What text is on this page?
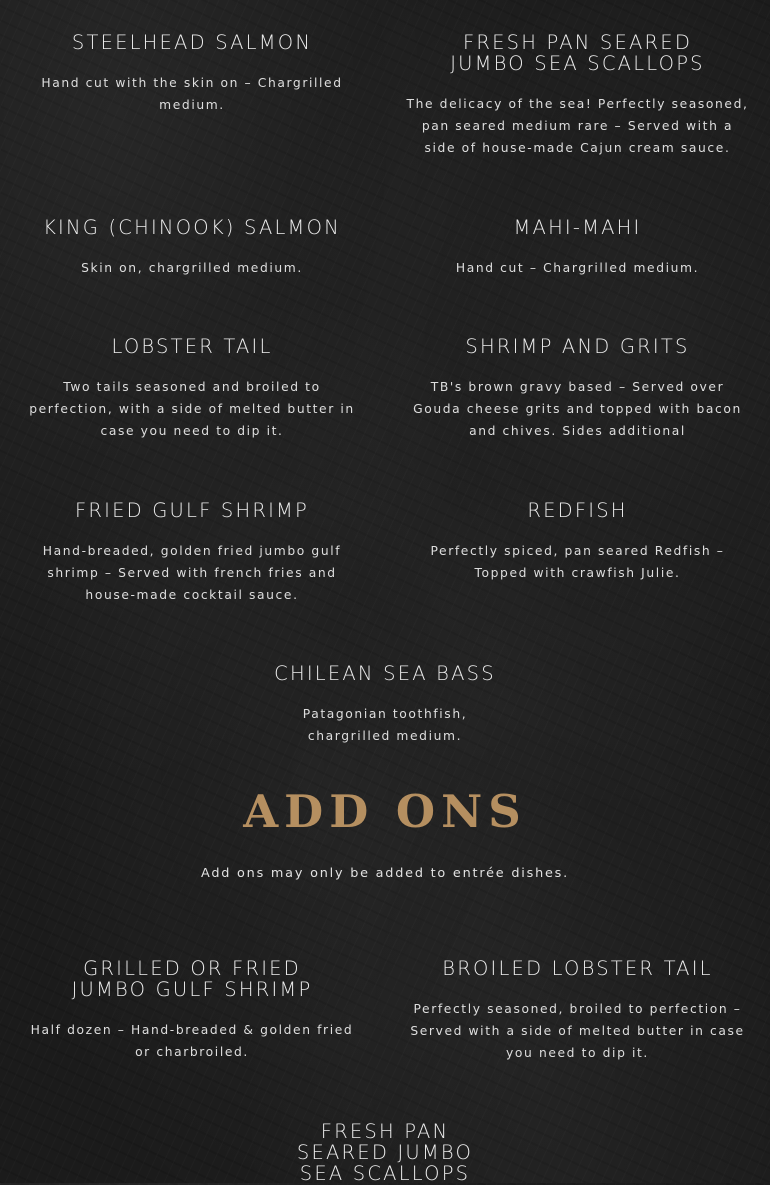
STEELHEAD SALMON

Hand cut with the skin on – Chargrilled medium.

FRESH PAN SEARED JUMBO SEA SCALLOPS

The delicacy of the sea! Perfectly seasoned, pan seared medium rare – Served with a side of house-made Cajun cream sauce.

KING (CHINOOK) SALMON

Skin on, chargrilled medium.

MAHI-MAHI

Hand cut – Chargrilled medium.

LOBSTER TAIL

Two tails seasoned and broiled to perfection, with a side of melted butter in case you need to dip it.

SHRIMP AND GRITS

TB's brown gravy based – Served over Gouda cheese grits and topped with bacon and chives. Sides additional

FRIED GULF SHRIMP

Hand-breaded, golden fried jumbo gulf shrimp – Served with french fries and house-made cocktail sauce.

REDFISH

Perfectly spiced, pan seared Redfish – Topped with crawfish Julie.

CHILEAN SEA BASS

Patagonian toothfish, chargrilled medium.

ADD ONS

Add ons may only be added to entrée dishes.

GRILLED OR FRIED JUMBO GULF SHRIMP

Half dozen – Hand-breaded & golden fried or charbroiled.

BROILED LOBSTER TAIL

Perfectly seasoned, broiled to perfection – Served with a side of melted butter in case you need to dip it.

FRESH PAN SEARED JUMBO SEA SCALLOPS
